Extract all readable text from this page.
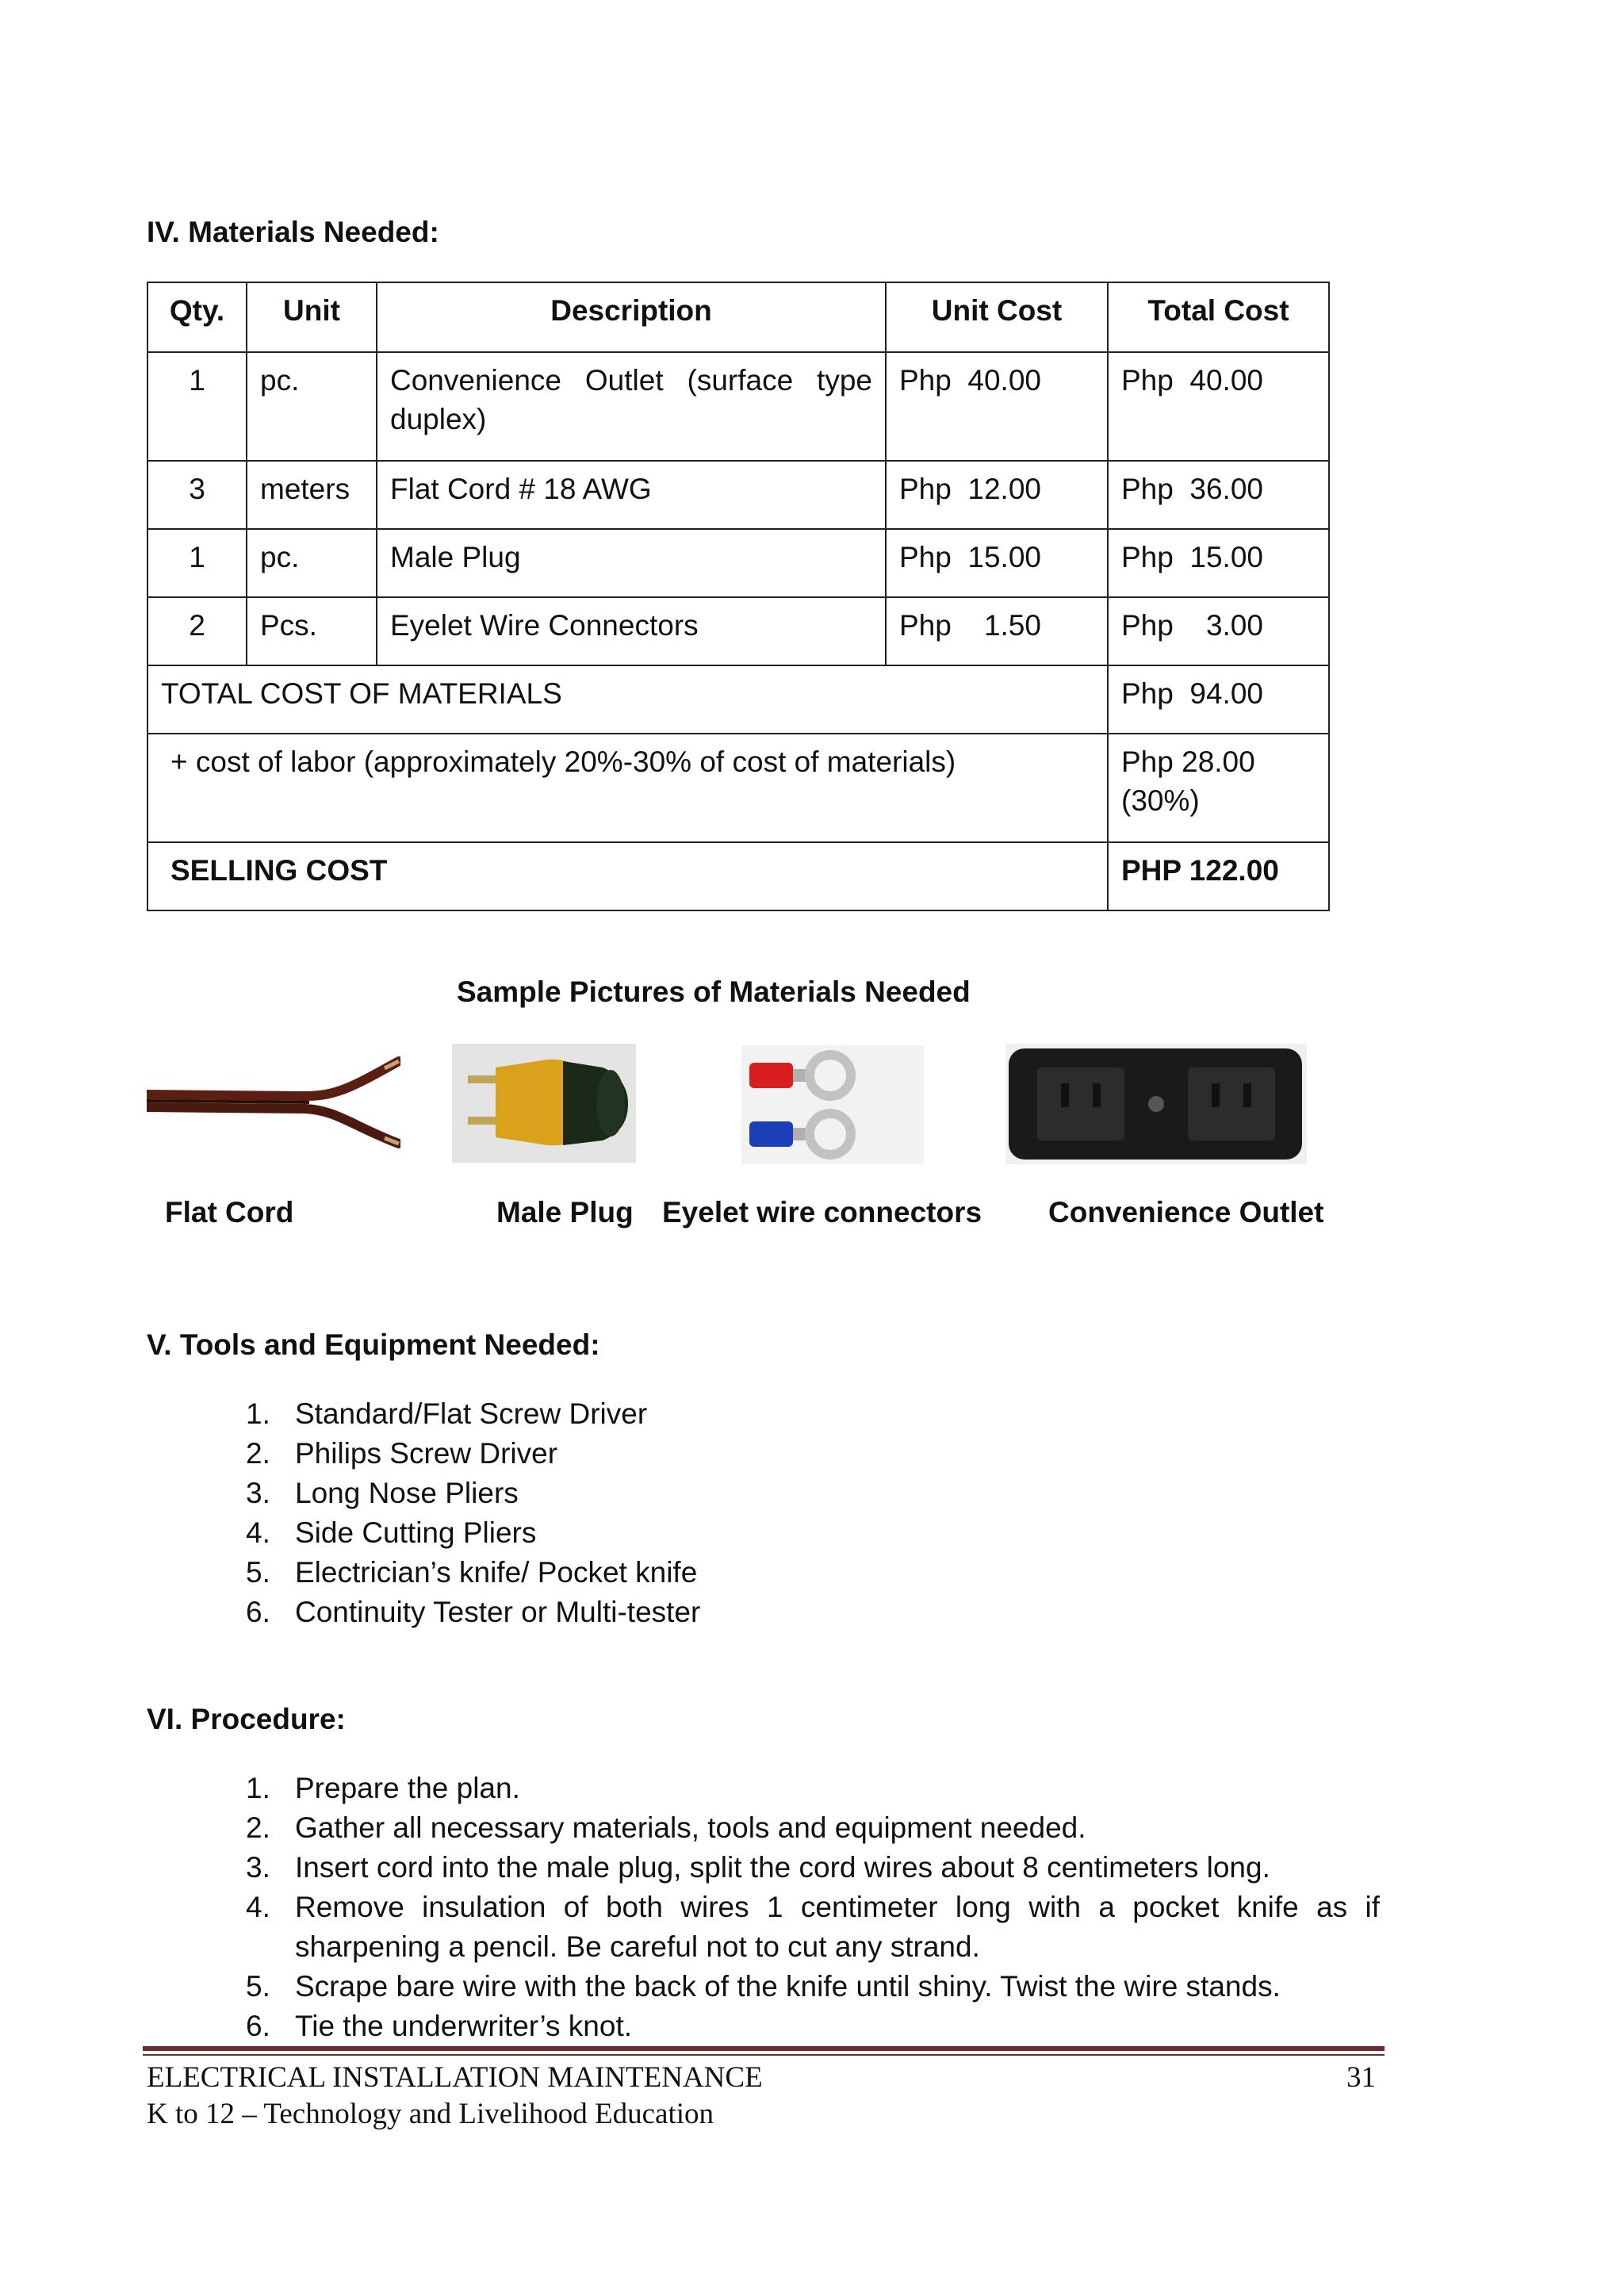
IV. Materials Needed:
Qty.	Unit	Description	Unit Cost	Total Cost
1	pc.	Convenience Outlet (surface type duplex)	Php  40.00	Php  40.00
3	meters	Flat Cord # 18 AWG	Php  12.00	Php  36.00
1	pc.	Male Plug	Php  15.00	Php  15.00
2	Pcs.	Eyelet Wire Connectors	Php    1.50	Php    3.00
TOTAL COST OF MATERIALS				Php  94.00
+ cost of labor (approximately 20%-30% of cost of materials)				Php 28.00 (30%)
SELLING COST				PHP 122.00
Sample Pictures of Materials Needed
Flat Cord	Male Plug Eyelet wire connectors Convenience Outlet
V. Tools and Equipment Needed:
1. Standard/Flat Screw Driver
2. Philips Screw Driver
3. Long Nose Pliers
4. Side Cutting Pliers
5. Electrician’s knife/ Pocket knife
6. Continuity Tester or Multi-tester
VI. Procedure:
1. Prepare the plan.
2. Gather all necessary materials, tools and equipment needed.
3. Insert cord into the male plug, split the cord wires about 8 centimeters long.
4. Remove insulation of both wires 1 centimeter long with a pocket knife as if sharpening a pencil. Be careful not to cut any strand.
5. Scrape bare wire with the back of the knife until shiny. Twist the wire stands.
6. Tie the underwriter’s knot.
ELECTRICAL INSTALLATION MAINTENANCE	31
K to 12 – Technology and Livelihood Education
